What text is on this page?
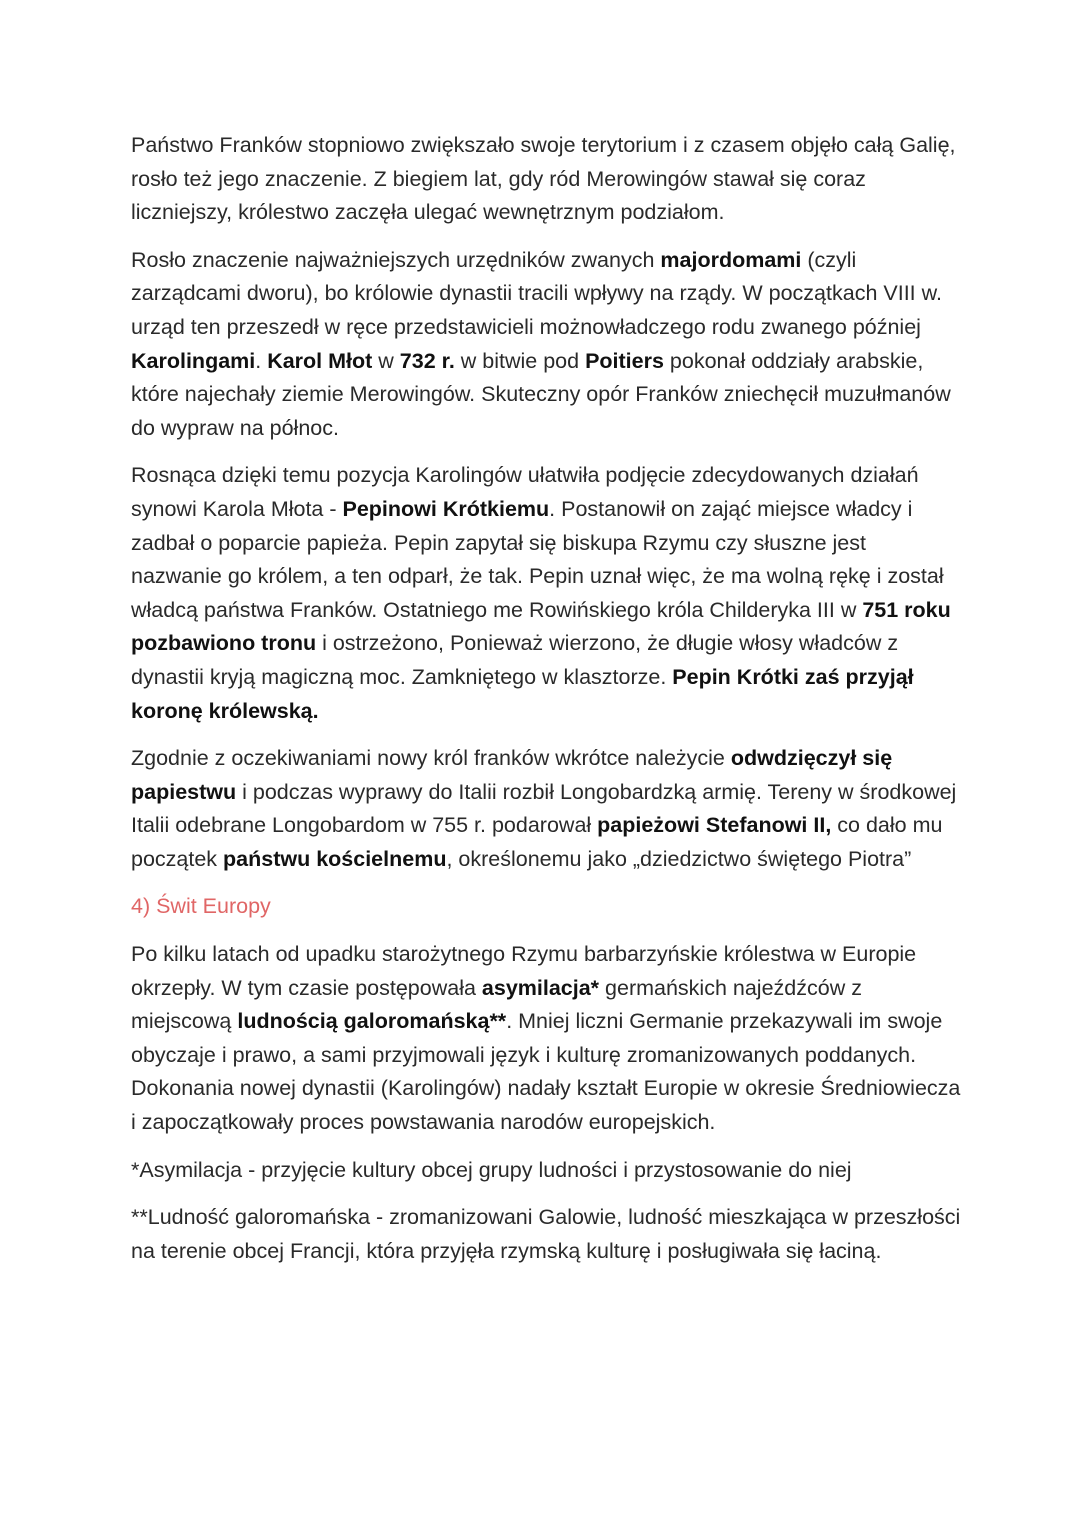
Państwo Franków stopniowo zwiększało swoje terytorium i z czasem objęło całą Galię, rosło też jego znaczenie. Z biegiem lat, gdy ród Merowingów stawał się coraz liczniejszy, królestwo zaczęła ulegać wewnętrznym podziałom.
Rosło znaczenie najważniejszych urzędników zwanych majordomami (czyli zarządcami dworu), bo królowie dynastii tracili wpływy na rządy. W początkach VIII w. urząd ten przeszedł w ręce przedstawicieli możnowładczego rodu zwanego później Karolingami. Karol Młot w 732 r. w bitwie pod Poitiers pokonał oddziały arabskie, które najechały ziemie Merowingów. Skuteczny opór Franków zniechęcił muzułmanów do wypraw na północ.
Rosnąca dzięki temu pozycja Karolingów ułatwiła podjęcie zdecydowanych działań synowi Karola Młota - Pepinowi Krótkiemu. Postanowił on zająć miejsce władcy i zadbał o poparcie papieża. Pepin zapytał się biskupa Rzymu czy słuszne jest nazwanie go królem, a ten odparł, że tak. Pepin uznał więc, że ma wolną rękę i został władcą państwa Franków. Ostatniego me Rowińskiego króla Childeryka III w 751 roku pozbawiono tronu i ostrzeżono, Ponieważ wierzono, że długie włosy władców z dynastii kryją magiczną moc. Zamkniętego w klasztorze. Pepin Krótki zaś przyjął koronę królewską.
Zgodnie z oczekiwaniami nowy król franków wkrótce należycie odwdzięczył się papiestwu i podczas wyprawy do Italii rozbił Longobardzką armię. Tereny w środkowej Italii odebrane Longobardom w 755 r. podarował papieżowi Stefanowi II, co dało mu początek państwu kościelnemu, określonemu jako „dziedzictwo świętego Piotra”
4) Świt Europy
Po kilku latach od upadku starożytnego Rzymu barbarzyńskie królestwa w Europie okrzepły. W tym czasie postępowała asymilacja* germańskich najeźdźców z miejscową ludnością galoromańską**. Mniej liczni Germanie przekazywali im swoje obyczaje i prawo, a sami przyjmowali język i kulturę zromanizowanych poddanych. Dokonania nowej dynastii (Karolingów) nadały kształt Europie w okresie Średniowiecza i zapoczątkowały proces powstawania narodów europejskich.
*Asymilacja - przyjęcie kultury obcej grupy ludności i przystosowanie do niej
**Ludność galoromańska - zromanizowani Galowie, ludność mieszkająca w przeszłości na terenie obcej Francji, która przyjęła rzymską kulturę i posługiwała się łaciną.
